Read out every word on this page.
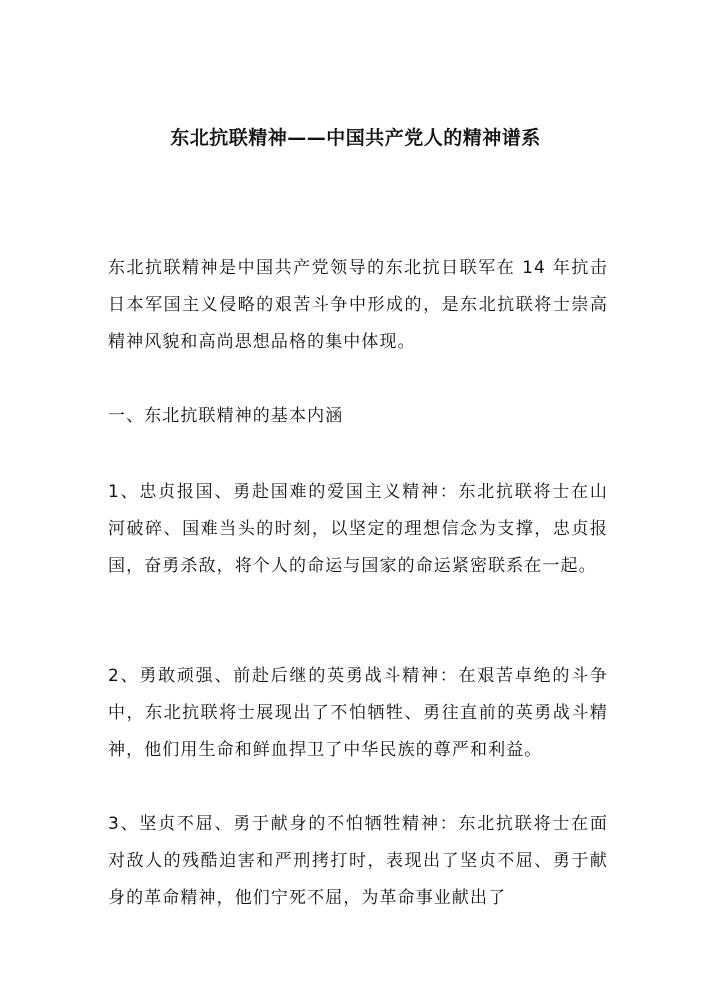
东北抗联精神——中国共产党人的精神谱系
东北抗联精神是中国共产党领导的东北抗日联军在 14 年抗击日本军国主义侵略的艰苦斗争中形成的，是东北抗联将士崇高精神风貌和高尚思想品格的集中体现。
一、东北抗联精神的基本内涵
1、忠贞报国、勇赴国难的爱国主义精神：东北抗联将士在山河破碎、国难当头的时刻，以坚定的理想信念为支撑，忠贞报国，奋勇杀敌，将个人的命运与国家的命运紧密联系在一起。
2、勇敢顽强、前赴后继的英勇战斗精神：在艰苦卓绝的斗争中，东北抗联将士展现出了不怕牺牲、勇往直前的英勇战斗精神，他们用生命和鲜血捍卫了中华民族的尊严和利益。
3、坚贞不屈、勇于献身的不怕牺牲精神：东北抗联将士在面对敌人的残酷迫害和严刑拷打时，表现出了坚贞不屈、勇于献身的革命精神，他们宁死不屈，为革命事业献出了
